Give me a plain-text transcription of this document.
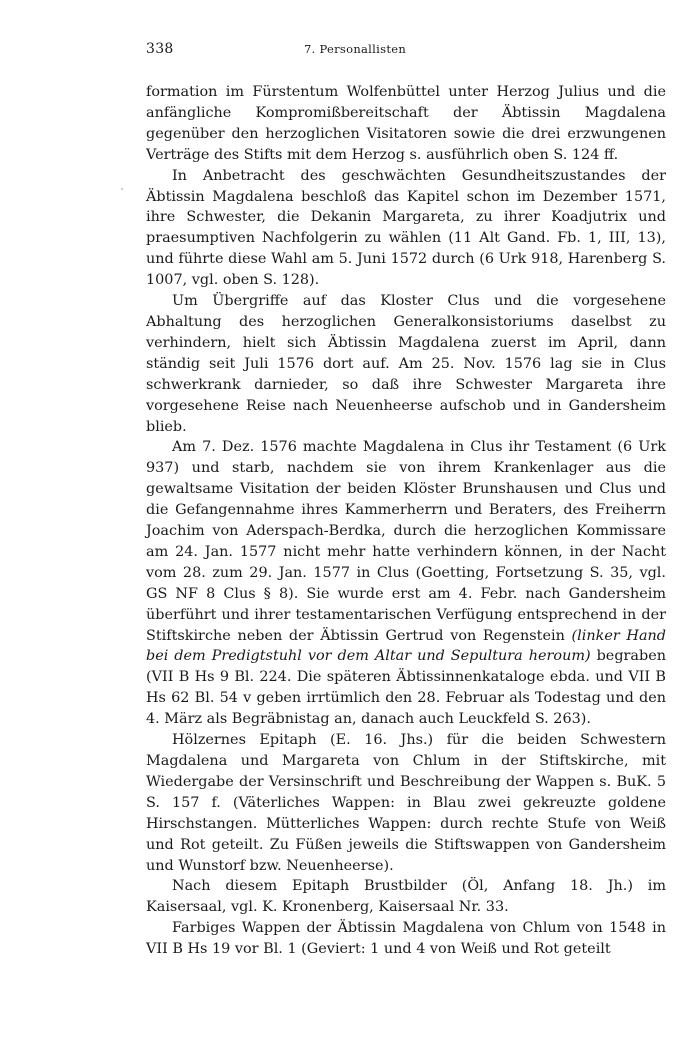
338	7. Personallisten

formation im Fürstentum Wolfenbüttel unter Herzog Julius und die anfängliche Kompromißbereitschaft der Äbtissin Magdalena gegenüber den herzoglichen Visitatoren sowie die drei erzwungenen Verträge des Stifts mit dem Herzog s. ausführlich oben S. 124 ff.

In Anbetracht des geschwächten Gesundheitszustandes der Äbtissin Magdalena beschloß das Kapitel schon im Dezember 1571, ihre Schwester, die Dekanin Margareta, zu ihrer Koadjutrix und praesumptiven Nachfolgerin zu wählen (11 Alt Gand. Fb. 1, III, 13), und führte diese Wahl am 5. Juni 1572 durch (6 Urk 918, Harenberg S. 1007, vgl. oben S. 128).

Um Übergriffe auf das Kloster Clus und die vorgesehene Abhaltung des herzoglichen Generalkonsistoriums daselbst zu verhindern, hielt sich Äbtissin Magdalena zuerst im April, dann ständig seit Juli 1576 dort auf. Am 25. Nov. 1576 lag sie in Clus schwerkrank darnieder, so daß ihre Schwester Margareta ihre vorgesehene Reise nach Neuenheerse aufschob und in Gandersheim blieb.

Am 7. Dez. 1576 machte Magdalena in Clus ihr Testament (6 Urk 937) und starb, nachdem sie von ihrem Krankenlager aus die gewaltsame Visitation der beiden Klöster Brunshausen und Clus und die Gefangennahme ihres Kammerherrn und Beraters, des Freiherrn Joachim von Aderspach-Berdka, durch die herzoglichen Kommissare am 24. Jan. 1577 nicht mehr hatte verhindern können, in der Nacht vom 28. zum 29. Jan. 1577 in Clus (Goetting, Fortsetzung S. 35, vgl. GS NF 8 Clus § 8). Sie wurde erst am 4. Febr. nach Gandersheim überführt und ihrer testamentarischen Verfügung entsprechend in der Stiftskirche neben der Äbtissin Gertrud von Regenstein (linker Hand bei dem Predigtstuhl vor dem Altar und Sepultura heroum) begraben (VII B Hs 9 Bl. 224. Die späteren Äbtissinnenkataloge ebda. und VII B Hs 62 Bl. 54 v geben irrtümlich den 28. Februar als Todestag und den 4. März als Begräbnistag an, danach auch Leuckfeld S. 263).

Hölzernes Epitaph (E. 16. Jhs.) für die beiden Schwestern Magdalena und Margareta von Chlum in der Stiftskirche, mit Wiedergabe der Versinschrift und Beschreibung der Wappen s. BuK. 5 S. 157 f. (Väterliches Wappen: in Blau zwei gekreuzte goldene Hirschstangen. Mütterliches Wappen: durch rechte Stufe von Weiß und Rot geteilt. Zu Füßen jeweils die Stiftswappen von Gandersheim und Wunstorf bzw. Neuenheerse).

Nach diesem Epitaph Brustbilder (Öl, Anfang 18. Jh.) im Kaisersaal, vgl. K. Kronenberg, Kaisersaal Nr. 33.

Farbiges Wappen der Äbtissin Magdalena von Chlum von 1548 in VII B Hs 19 vor Bl. 1 (Geviert: 1 und 4 von Weiß und Rot geteilt
